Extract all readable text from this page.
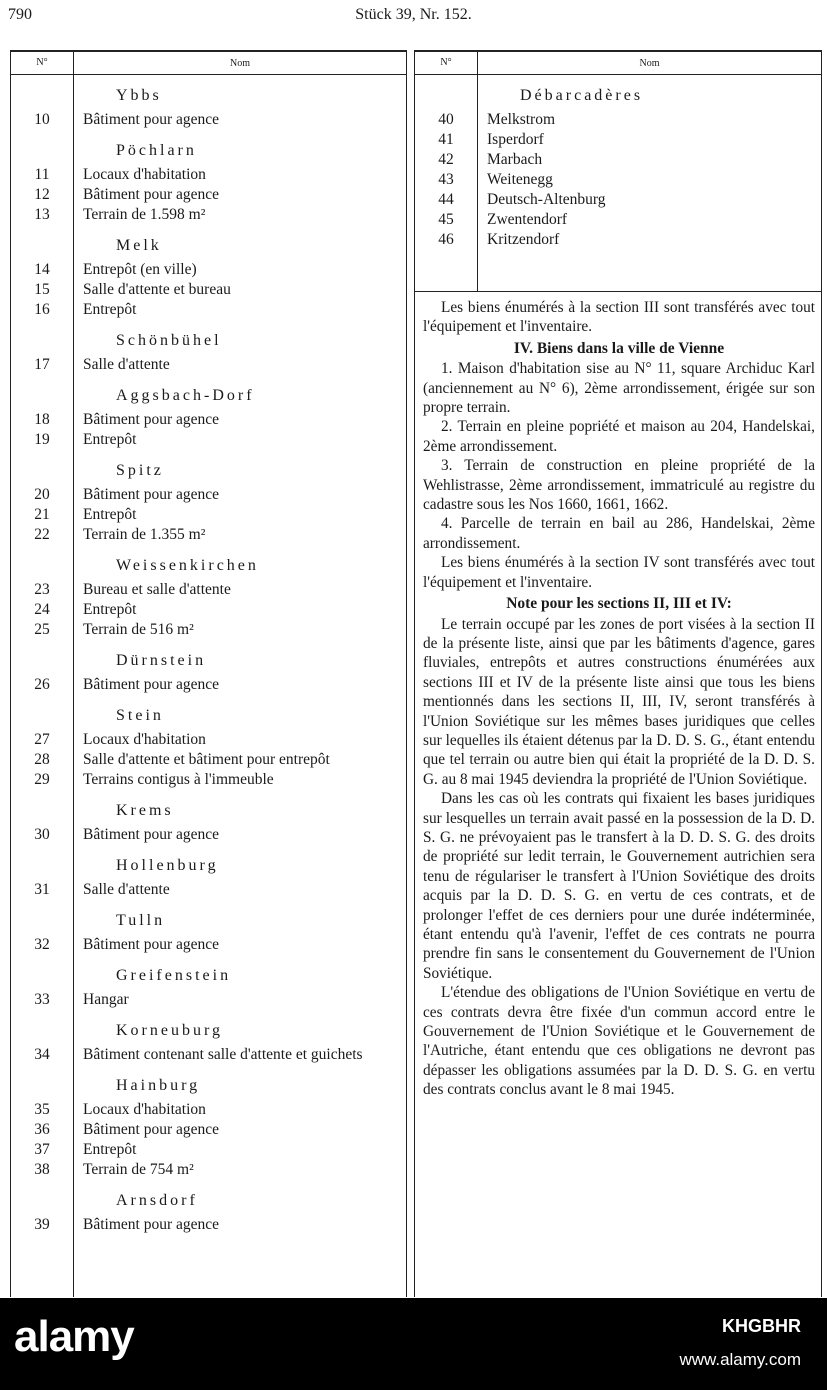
790	Stück 39, Nr. 152.
N°	Nom
Ybbs
10	Bâtiment pour agence
Pöchlarn
11	Locaux d'habitation
12	Bâtiment pour agence
13	Terrain de 1.598 m²
Melk
14	Entrepôt (en ville)
15	Salle d'attente et bureau
16	Entrepôt
Schönbühel
17	Salle d'attente
Aggsbach-Dorf
18	Bâtiment pour agence
19	Entrepôt
Spitz
20	Bâtiment pour agence
21	Entrepôt
22	Terrain de 1.355 m²
Weissenkirchen
23	Bureau et salle d'attente
24	Entrepôt
25	Terrain de 516 m²
Dürnstein
26	Bâtiment pour agence
Stein
27	Locaux d'habitation
28	Salle d'attente et bâtiment pour entrepôt
29	Terrains contigus à l'immeuble
Krems
30	Bâtiment pour agence
Hollenburg
31	Salle d'attente
Tulln
32	Bâtiment pour agence
Greifenstein
33	Hangar
Korneuburg
34	Bâtiment contenant salle d'attente et guichets
Hainburg
35	Locaux d'habitation
36	Bâtiment pour agence
37	Entrepôt
38	Terrain de 754 m²
Arnsdorf
39	Bâtiment pour agence
N°	Nom
Débarcadères
40	Melkstrom
41	Isperdorf
42	Marbach
43	Weitenegg
44	Deutsch-Altenburg
45	Zwentendorf
46	Kritzendorf

Les biens énumérés à la section III sont transférés avec tout l'équipement et l'inventaire.

IV. Biens dans la ville de Vienne

1. Maison d'habitation sise au N° 11, square Archiduc Karl (anciennement au N° 6), 2ème arrondissement, érigée sur son propre terrain.

2. Terrain en pleine popriété et maison au 204, Handelskai, 2ème arrondissement.

3. Terrain de construction en pleine propriété de la Wehlistrasse, 2ème arrondissement, immatriculé au registre du cadastre sous les Nos 1660, 1661, 1662.

4. Parcelle de terrain en bail au 286, Handelskai, 2ème arrondissement.

Les biens énumérés à la section IV sont transférés avec tout l'équipement et l'inventaire.

Note pour les sections II, III et IV:

Le terrain occupé par les zones de port visées à la section II de la présente liste, ainsi que par les bâtiments d'agence, gares fluviales, entrepôts et autres constructions énumérées aux sections III et IV de la présente liste ainsi que tous les biens mentionnés dans les sections II, III, IV, seront transférés à l'Union Soviétique sur les mêmes bases juridiques que celles sur lequelles ils étaient détenus par la D. D. S. G., étant entendu que tel terrain ou autre bien qui était la propriété de la D. D. S. G. au 8 mai 1945 deviendra la propriété de l'Union Soviétique.

Dans les cas où les contrats qui fixaient les bases juridiques sur lesquelles un terrain avait passé en la possession de la D. D. S. G. ne prévoyaient pas le transfert à la D. D. S. G. des droits de propriété sur ledit terrain, le Gouvernement autrichien sera tenu de régulariser le transfert à l'Union Soviétique des droits acquis par la D. D. S. G. en vertu de ces contrats, et de prolonger l'effet de ces derniers pour une durée indéterminée, étant entendu qu'à l'avenir, l'effet de ces contrats ne pourra prendre fin sans le consentement du Gouvernement de l'Union Soviétique.

L'étendue des obligations de l'Union Soviétique en vertu de ces contrats devra être fixée d'un commun accord entre le Gouvernement de l'Union Soviétique et le Gouvernement de l'Autriche, étant entendu que ces obligations ne devront pas dépasser les obligations assumées par la D. D. S. G. en vertu des contrats conclus avant le 8 mai 1945.

alamy	KHGBHR
www.alamy.com
